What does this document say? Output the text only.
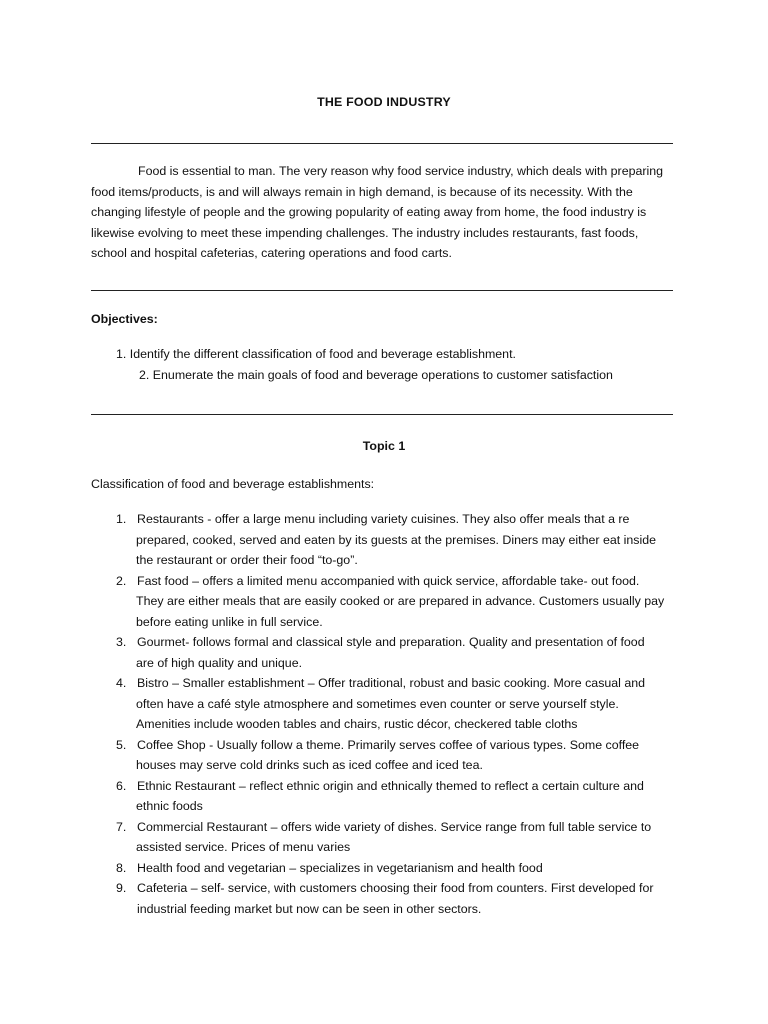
THE FOOD INDUSTRY

Food is essential to man. The very reason why food service industry, which deals with preparing food items/products, is and will always remain in high demand, is because of its necessity. With the changing lifestyle of people and the growing popularity of eating away from home, the food industry is likewise evolving to meet these impending challenges. The industry includes restaurants, fast foods, school and hospital cafeterias, catering operations and food carts.

Objectives:
1. Identify the different classification of food and beverage establishment.
2. Enumerate the main goals of food and beverage operations to customer satisfaction
Topic 1
Classification of food and beverage establishments:
1. Restaurants - offer a large menu including variety cuisines. They also offer meals that a re
prepared, cooked, served and eaten by its guests at the premises. Diners may either eat inside
the restaurant or order their food “to-go”.
2. Fast food – offers a limited menu accompanied with quick service, affordable take- out food.
They are either meals that are easily cooked or are prepared in advance. Customers usually pay
before eating unlike in full service.
3. Gourmet- follows formal and classical style and preparation. Quality and presentation of food
are of high quality and unique.
4. Bistro – Smaller establishment – Offer traditional, robust and basic cooking. More casual and
often have a café style atmosphere and sometimes even counter or serve yourself style.
Amenities include wooden tables and chairs, rustic décor, checkered table cloths
5. Coffee Shop - Usually follow a theme. Primarily serves coffee of various types. Some coffee
houses may serve cold drinks such as iced coffee and iced tea.
6. Ethnic Restaurant – reflect ethnic origin and ethnically themed to reflect a certain culture and
ethnic foods
7. Commercial Restaurant – offers wide variety of dishes. Service range from full table service to
assisted service. Prices of menu varies
8. Health food and vegetarian – specializes in vegetarianism and health food
9. Cafeteria – self- service, with customers choosing their food from counters. First developed for
industrial feeding market but now can be seen in other sectors.
